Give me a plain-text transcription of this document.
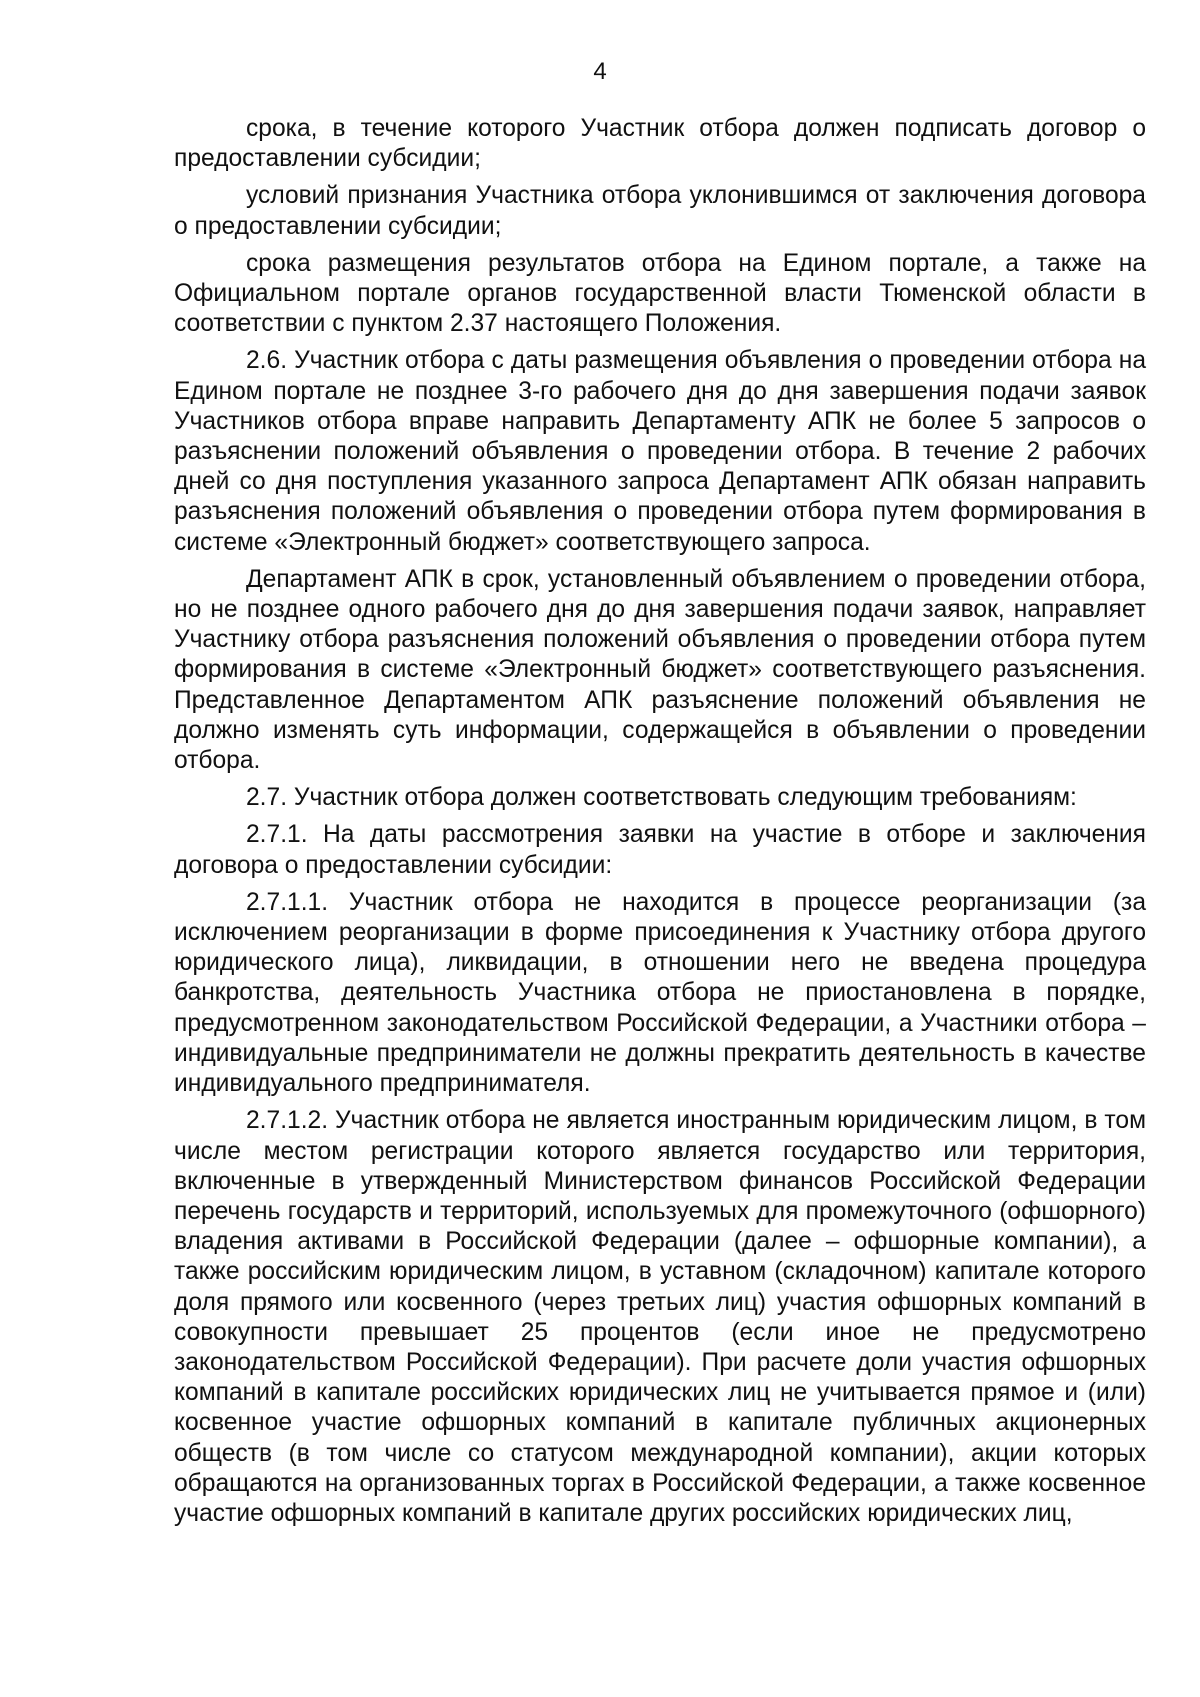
4

срока, в течение которого Участник отбора должен подписать договор о предоставлении субсидии;

условий признания Участника отбора уклонившимся от заключения договора о предоставлении субсидии;

срока размещения результатов отбора на Едином портале, а также на Официальном портале органов государственной власти Тюменской области в соответствии с пунктом 2.37 настоящего Положения.

2.6. Участник отбора с даты размещения объявления о проведении отбора на Едином портале не позднее 3-го рабочего дня до дня завершения подачи заявок Участников отбора вправе направить Департаменту АПК не более 5 запросов о разъяснении положений объявления о проведении отбора. В течение 2 рабочих дней со дня поступления указанного запроса Департамент АПК обязан направить разъяснения положений объявления о проведении отбора путем формирования в системе «Электронный бюджет» соответствующего запроса.

Департамент АПК в срок, установленный объявлением о проведении отбора, но не позднее одного рабочего дня до дня завершения подачи заявок, направляет Участнику отбора разъяснения положений объявления о проведении отбора путем формирования в системе «Электронный бюджет» соответствующего разъяснения. Представленное Департаментом АПК разъяснение положений объявления не должно изменять суть информации, содержащейся в объявлении о проведении отбора.

2.7. Участник отбора должен соответствовать следующим требованиям:

2.7.1. На даты рассмотрения заявки на участие в отборе и заключения договора о предоставлении субсидии:

2.7.1.1. Участник отбора не находится в процессе реорганизации (за исключением реорганизации в форме присоединения к Участнику отбора другого юридического лица), ликвидации, в отношении него не введена процедура банкротства, деятельность Участника отбора не приостановлена в порядке, предусмотренном законодательством Российской Федерации, а Участники отбора – индивидуальные предприниматели не должны прекратить деятельность в качестве индивидуального предпринимателя.

2.7.1.2. Участник отбора не является иностранным юридическим лицом, в том числе местом регистрации которого является государство или территория, включенные в утвержденный Министерством финансов Российской Федерации перечень государств и территорий, используемых для промежуточного (офшорного) владения активами в Российской Федерации (далее – офшорные компании), а также российским юридическим лицом, в уставном (складочном) капитале которого доля прямого или косвенного (через третьих лиц) участия офшорных компаний в совокупности превышает 25 процентов (если иное не предусмотрено законодательством Российской Федерации). При расчете доли участия офшорных компаний в капитале российских юридических лиц не учитывается прямое и (или) косвенное участие офшорных компаний в капитале публичных акционерных обществ (в том числе со статусом международной компании), акции которых обращаются на организованных торгах в Российской Федерации, а также косвенное участие офшорных компаний в капитале других российских юридических лиц,
